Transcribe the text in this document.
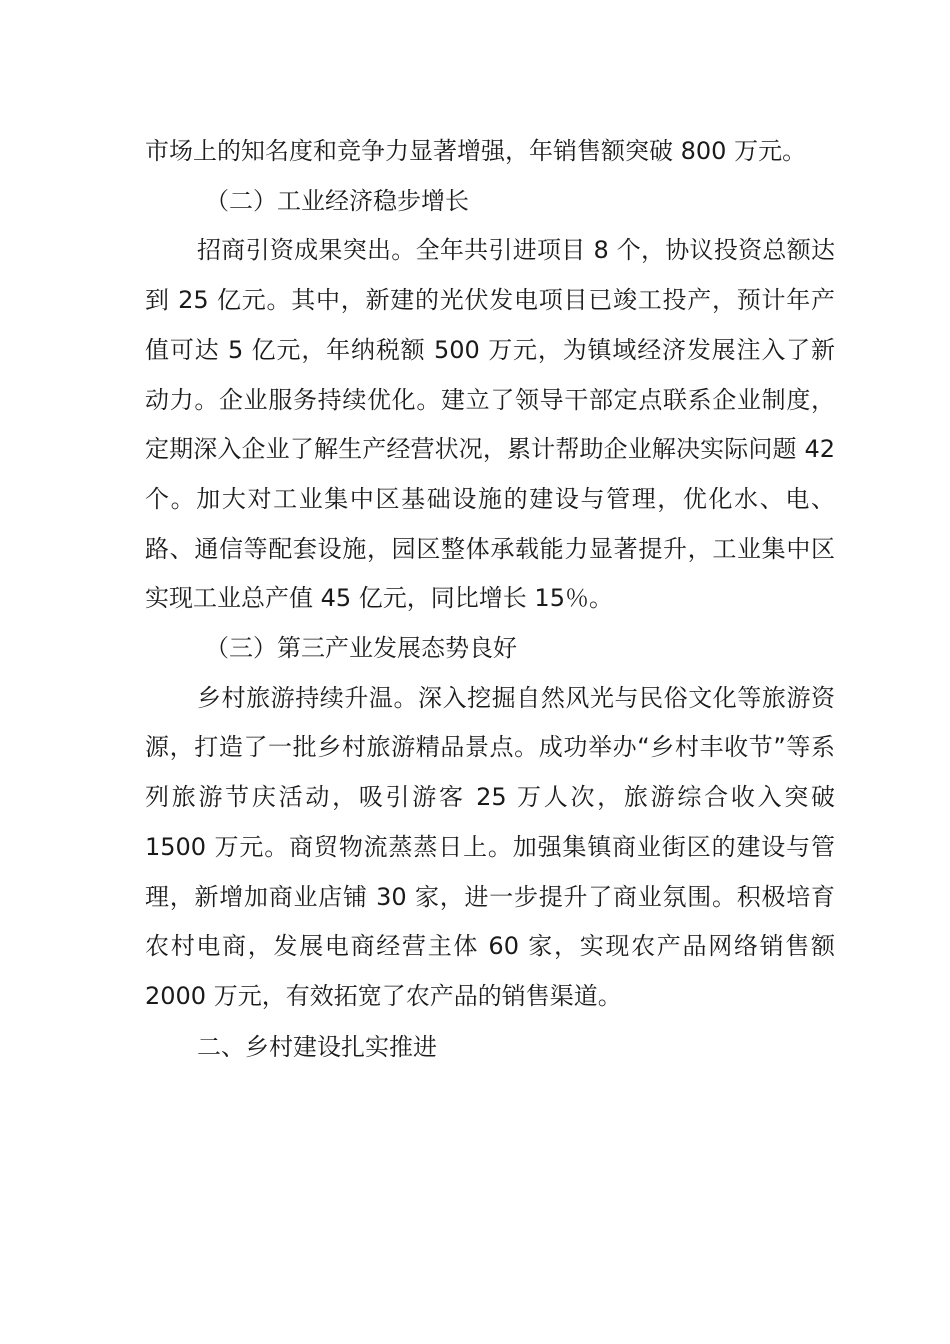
市场上的知名度和竞争力显著增强，年销售额突破 800 万元。

（二）工业经济稳步增长

招商引资成果突出。全年共引进项目 8 个，协议投资总额达到 25 亿元。其中，新建的光伏发电项目已竣工投产，预计年产值可达 5 亿元，年纳税额 500 万元，为镇域经济发展注入了新动力。企业服务持续优化。建立了领导干部定点联系企业制度，定期深入企业了解生产经营状况，累计帮助企业解决实际问题 42 个。加大对工业集中区基础设施的建设与管理，优化水、电、路、通信等配套设施，园区整体承载能力显著提升，工业集中区实现工业总产值 45 亿元，同比增长 15％。

（三）第三产业发展态势良好

乡村旅游持续升温。深入挖掘自然风光与民俗文化等旅游资源，打造了一批乡村旅游精品景点。成功举办“乡村丰收节”等系列旅游节庆活动，吸引游客 25 万人次，旅游综合收入突破 1500 万元。商贸物流蒸蒸日上。加强集镇商业街区的建设与管理，新增加商业店铺 30 家，进一步提升了商业氛围。积极培育农村电商，发展电商经营主体 60 家，实现农产品网络销售额 2000 万元，有效拓宽了农产品的销售渠道。

二、乡村建设扎实推进
